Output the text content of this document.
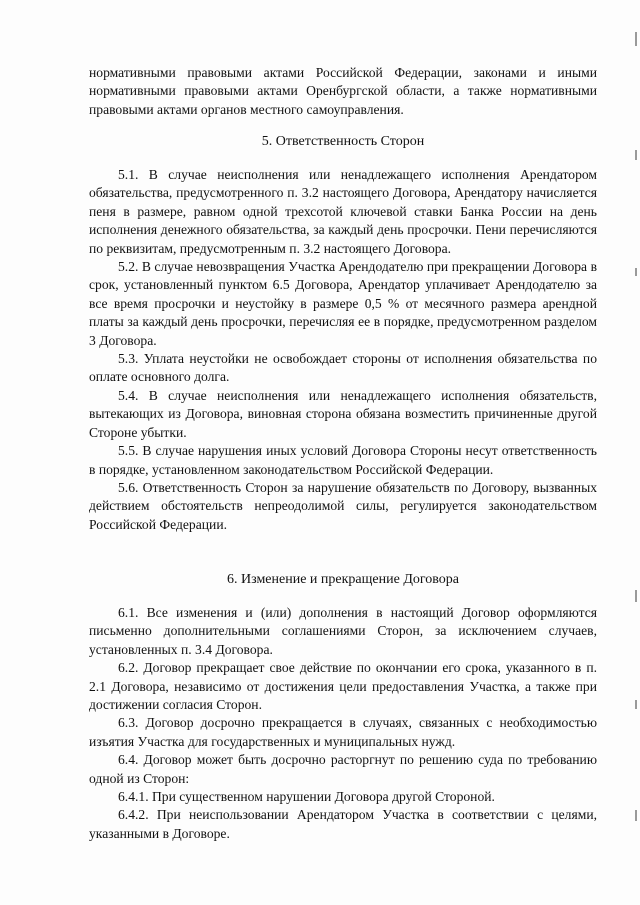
нормативными правовыми актами Российской Федерации, законами и иными нормативными правовыми актами Оренбургской области, а также нормативными правовыми актами органов местного самоуправления.

5. Ответственность Сторон

5.1. В случае неисполнения или ненадлежащего исполнения Арендатором обязательства, предусмотренного п. 3.2 настоящего Договора, Арендатору начисляется пеня в размере, равном одной трехсотой ключевой ставки Банка России на день исполнения денежного обязательства, за каждый день просрочки. Пени перечисляются по реквизитам, предусмотренным п. 3.2 настоящего Договора.

5.2. В случае невозвращения Участка Арендодателю при прекращении Договора в срок, установленный пунктом 6.5 Договора, Арендатор уплачивает Арендодателю за все время просрочки и неустойку в размере 0,5 % от месячного размера арендной платы за каждый день просрочки, перечисляя ее в порядке, предусмотренном разделом 3 Договора.

5.3. Уплата неустойки не освобождает стороны от исполнения обязательства по оплате основного долга.

5.4. В случае неисполнения или ненадлежащего исполнения обязательств, вытекающих из Договора, виновная сторона обязана возместить причиненные другой Стороне убытки.

5.5. В случае нарушения иных условий Договора Стороны несут ответственность в порядке, установленном законодательством Российской Федерации.

5.6. Ответственность Сторон за нарушение обязательств по Договору, вызванных действием обстоятельств непреодолимой силы, регулируется законодательством Российской Федерации.

6. Изменение и прекращение Договора

6.1. Все изменения и (или) дополнения в настоящий Договор оформляются письменно дополнительными соглашениями Сторон, за исключением случаев, установленных п. 3.4 Договора.

6.2. Договор прекращает свое действие по окончании его срока, указанного в п. 2.1 Договора, независимо от достижения цели предоставления Участка, а также при достижении согласия Сторон.

6.3. Договор досрочно прекращается в случаях, связанных с необходимостью изъятия Участка для государственных и муниципальных нужд.

6.4. Договор может быть досрочно расторгнут по решению суда по требованию одной из Сторон:

6.4.1. При существенном нарушении Договора другой Стороной.

6.4.2. При неиспользовании Арендатором Участка в соответствии с целями, указанными в Договоре.
